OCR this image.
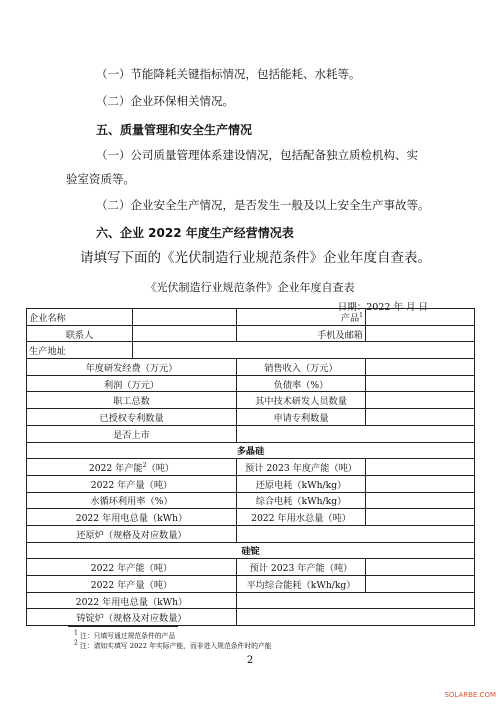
（一）节能降耗关键指标情况，包括能耗、水耗等。
（二）企业环保相关情况。
五、质量管理和安全生产情况
（一）公司质量管理体系建设情况，包括配备独立质检机构、实
验室资质等。
（二）企业安全生产情况，是否发生一般及以上安全生产事故等。
六、企业 2022 年度生产经营情况表
请填写下面的《光伏制造行业规范条件》企业年度自查表。
《光伏制造行业规范条件》企业年度自查表
日期：2022 年 月 日
企业名称		产品$^1$	
联系人		手机及邮箱	
生产地址			
年度研发经费（万元）		销售收入（万元）	
利润（万元）		负债率（%）	
职工总数		其中技术研发人员数量	
已授权专利数量		申请专利数量	
是否上市			
多晶硅			
2022 年产能$^2$（吨）		预计 2023 年度产能（吨）	
2022 年产量（吨）		还原电耗（kWh/kg）	
水循环利用率（%）		综合电耗（kWh/kg）	
2022 年用电总量（kWh）		2022 年用水总量（吨）	
还原炉（规格及对应数量）			
硅锭			
2022 年产能（吨）		预计 2023 年产能（吨）	
2022 年产量（吨）		平均综合能耗（kWh/kg）	
2022 年用电总量（kWh）			
铸锭炉（规格及对应数量）			
$^1$ 注：只填写通过规范条件的产品
$^2$ 注：请如实填写 2022 年实际产能，而非进入规范条件时的产能
2
SOLARBE.COM
